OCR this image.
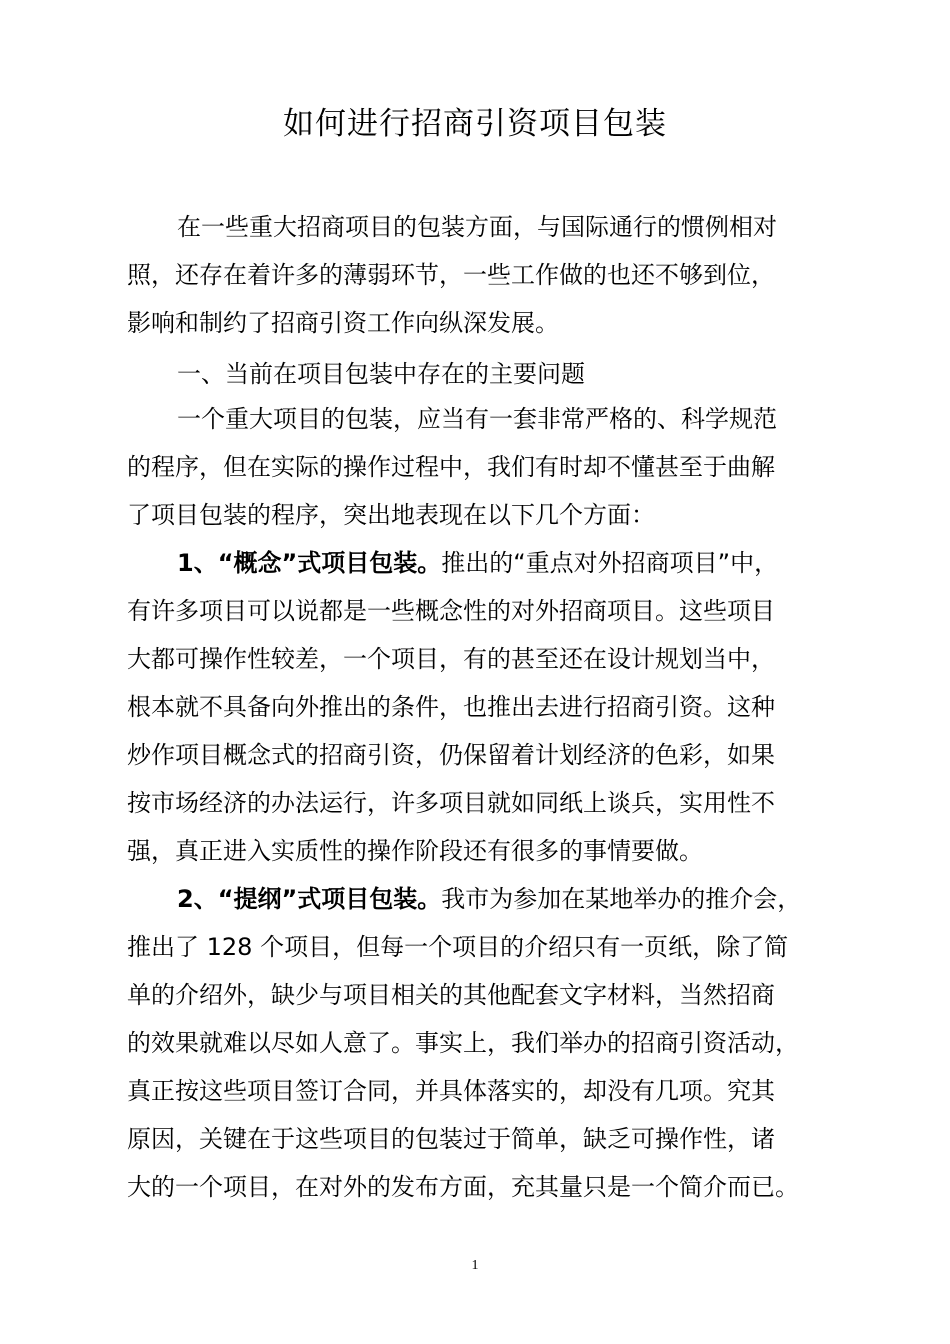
如何进行招商引资项目包装
在一些重大招商项目的包装方面，与国际通行的惯例相对
照，还存在着许多的薄弱环节，一些工作做的也还不够到位，
影响和制约了招商引资工作向纵深发展。
一、当前在项目包装中存在的主要问题
一个重大项目的包装，应当有一套非常严格的、科学规范
的程序，但在实际的操作过程中，我们有时却不懂甚至于曲解
了项目包装的程序，突出地表现在以下几个方面：
1、“概念”式项目包装。推出的“重点对外招商项目”中，
有许多项目可以说都是一些概念性的对外招商项目。这些项目
大都可操作性较差，一个项目，有的甚至还在设计规划当中，
根本就不具备向外推出的条件，也推出去进行招商引资。这种
炒作项目概念式的招商引资，仍保留着计划经济的色彩，如果
按市场经济的办法运行，许多项目就如同纸上谈兵，实用性不
强，真正进入实质性的操作阶段还有很多的事情要做。
2、“提纲”式项目包装。我市为参加在某地举办的推介会，
推出了 128 个项目，但每一个项目的介绍只有一页纸，除了简
单的介绍外，缺少与项目相关的其他配套文字材料，当然招商
的效果就难以尽如人意了。事实上，我们举办的招商引资活动，
真正按这些项目签订合同，并具体落实的，却没有几项。究其
原因，关键在于这些项目的包装过于简单，缺乏可操作性，诸
大的一个项目，在对外的发布方面，充其量只是一个简介而已。
1
